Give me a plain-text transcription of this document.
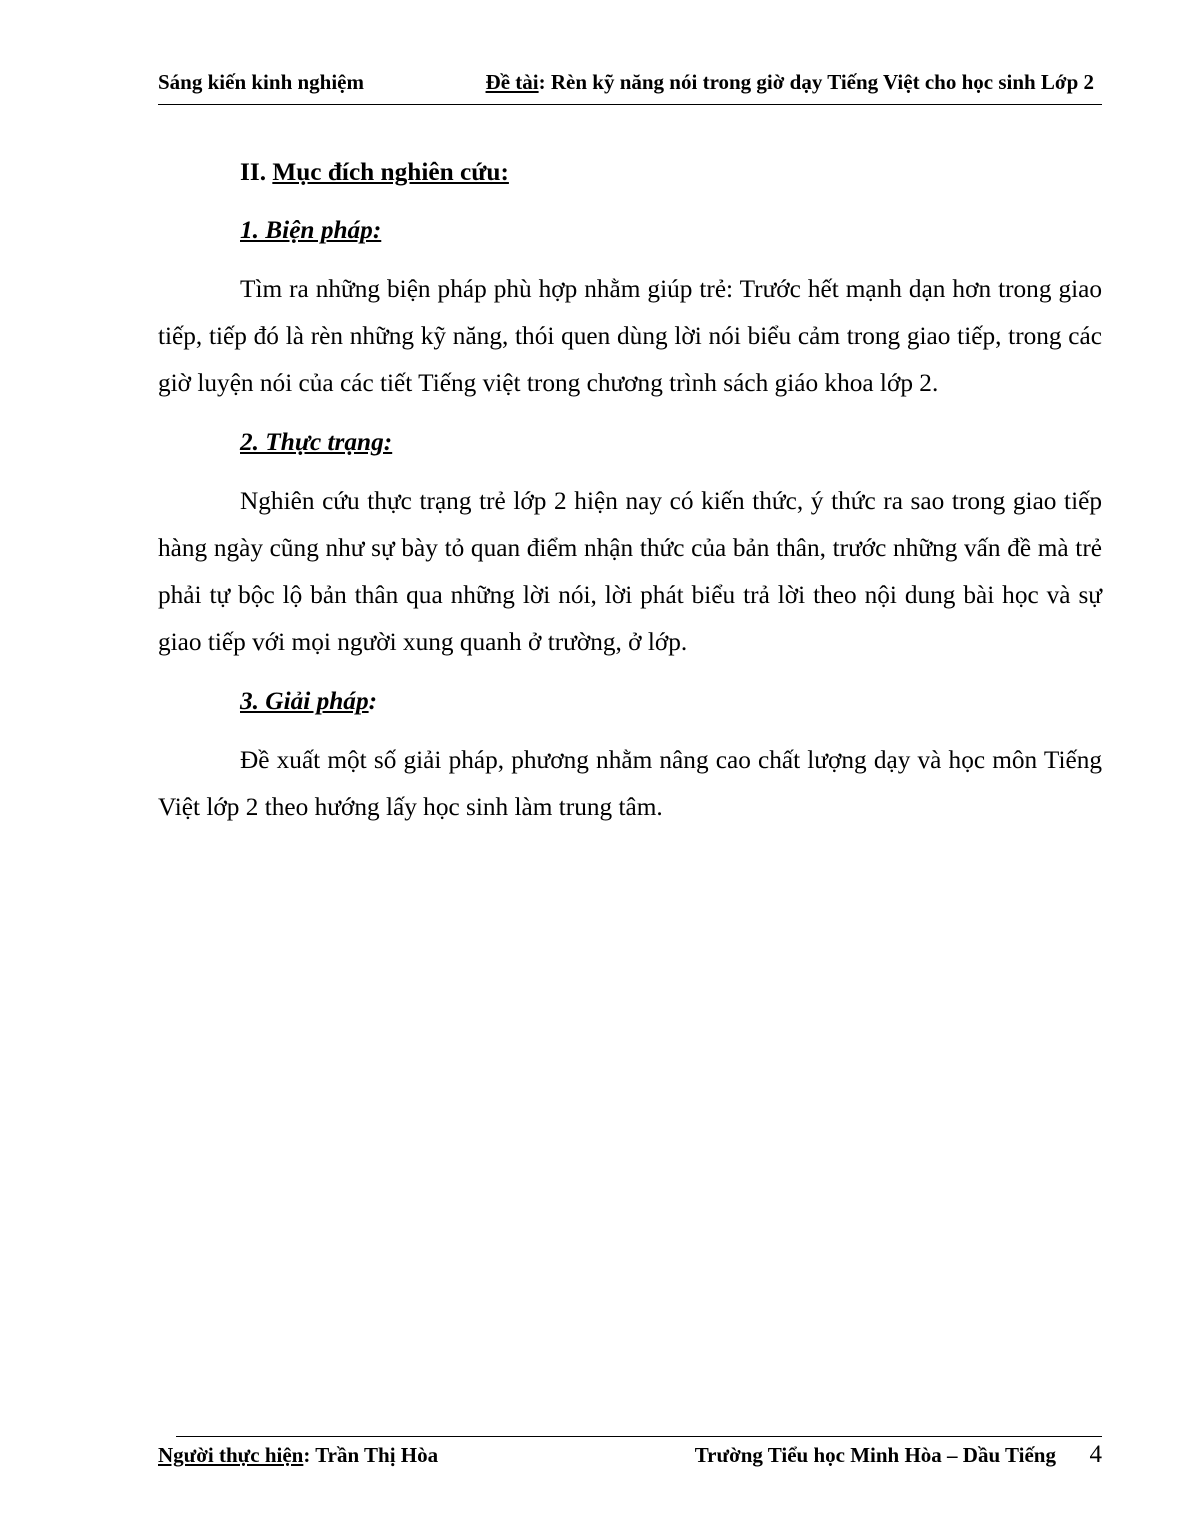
Sáng kiến kinh nghiệm	Đề tài: Rèn kỹ năng nói trong giờ dạy Tiếng Việt cho học sinh Lớp 2

II. Mục đích nghiên cứu:

1. Biện pháp:

Tìm ra những biện pháp phù hợp nhằm giúp trẻ: Trước hết mạnh dạn hơn trong giao tiếp, tiếp đó là rèn những kỹ năng, thói quen dùng lời nói biểu cảm trong giao tiếp, trong các giờ luyện nói của các tiết Tiếng việt trong chương trình sách giáo khoa lớp 2.

2. Thực trạng:

Nghiên cứu thực trạng trẻ lớp 2 hiện nay có kiến thức, ý thức ra sao trong giao tiếp hàng ngày cũng như sự bày tỏ quan điểm nhận thức của bản thân, trước những vấn đề mà trẻ phải tự bộc lộ bản thân qua những lời nói, lời phát biểu trả lời theo nội dung bài học và sự giao tiếp với mọi người xung quanh ở trường, ở lớp.

3. Giải pháp:

Đề xuất một số giải pháp, phương nhằm nâng cao chất lượng dạy và học môn Tiếng Việt lớp 2 theo hướng lấy học sinh làm trung tâm.

Người thực hiện: Trần Thị Hòa	Trường Tiểu học Minh Hòa – Dầu Tiếng 4
